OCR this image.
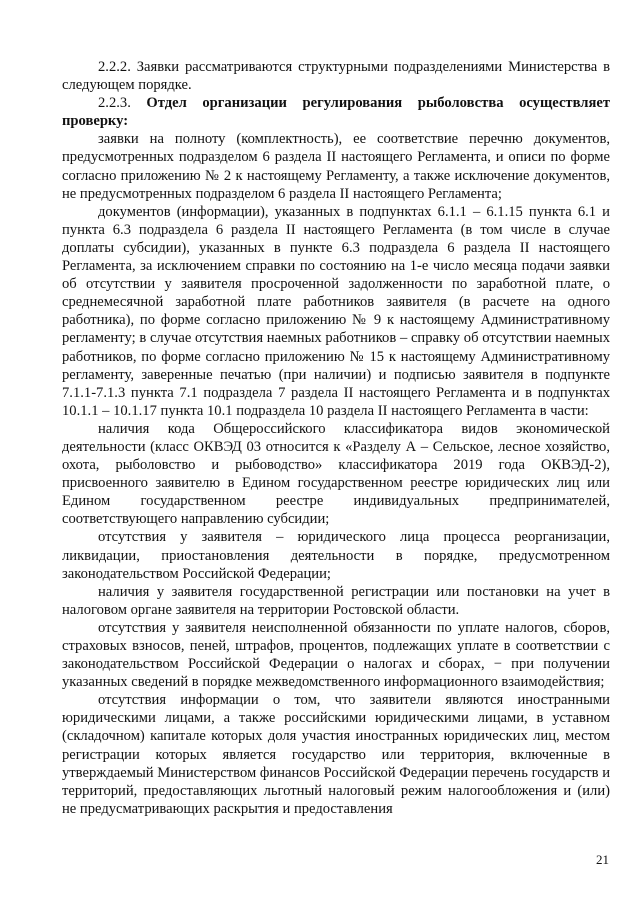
2.2.2. Заявки рассматриваются структурными подразделениями Министерства в следующем порядке.

2.2.3. Отдел организации регулирования рыболовства осуществляет проверку:

заявки на полноту (комплектность), ее соответствие перечню документов, предусмотренных подразделом 6 раздела II настоящего Регламента, и описи по форме согласно приложению № 2 к настоящему Регламенту, а также исключение документов, не предусмотренных подразделом 6 раздела II настоящего Регламента;

документов (информации), указанных в подпунктах 6.1.1 – 6.1.15 пункта 6.1 и пункта 6.3 подраздела 6 раздела II настоящего Регламента (в том числе в случае доплаты субсидии), указанных в пункте 6.3 подраздела 6 раздела II настоящего Регламента, за исключением справки по состоянию на 1-е число месяца подачи заявки об отсутствии у заявителя просроченной задолженности по заработной плате, о среднемесячной заработной плате работников заявителя (в расчете на одного работника), по форме согласно приложению № 9 к настоящему Административному регламенту; в случае отсутствия наемных работников – справку об отсутствии наемных работников, по форме согласно приложению № 15 к настоящему Административному регламенту, заверенные печатью (при наличии) и подписью заявителя в подпункте 7.1.1-7.1.3 пункта 7.1 подраздела 7 раздела II настоящего Регламента и в подпунктах 10.1.1 – 10.1.17 пункта 10.1 подраздела 10 раздела II настоящего Регламента в части:

наличия кода Общероссийского классификатора видов экономической деятельности (класс ОКВЭД 03 относится к «Разделу А – Сельское, лесное хозяйство, охота, рыболовство и рыбоводство» классификатора 2019 года ОКВЭД-2), присвоенного заявителю в Едином государственном реестре юридических лиц или Едином государственном реестре индивидуальных предпринимателей, соответствующего направлению субсидии;

отсутствия у заявителя – юридического лица процесса реорганизации, ликвидации, приостановления деятельности в порядке, предусмотренном законодательством Российской Федерации;

наличия у заявителя государственной регистрации или постановки на учет в налоговом органе заявителя на территории Ростовской области.

отсутствия у заявителя неисполненной обязанности по уплате налогов, сборов, страховых взносов, пеней, штрафов, процентов, подлежащих уплате в соответствии с законодательством Российской Федерации о налогах и сборах, − при получении указанных сведений в порядке межведомственного информационного взаимодействия;

отсутствия информации о том, что заявители являются иностранными юридическими лицами, а также российскими юридическими лицами, в уставном (складочном) капитале которых доля участия иностранных юридических лиц, местом регистрации которых является государство или территория, включенные в утверждаемый Министерством финансов Российской Федерации перечень государств и территорий, предоставляющих льготный налоговый режим налогообложения и (или) не предусматривающих раскрытия и предоставления

21
